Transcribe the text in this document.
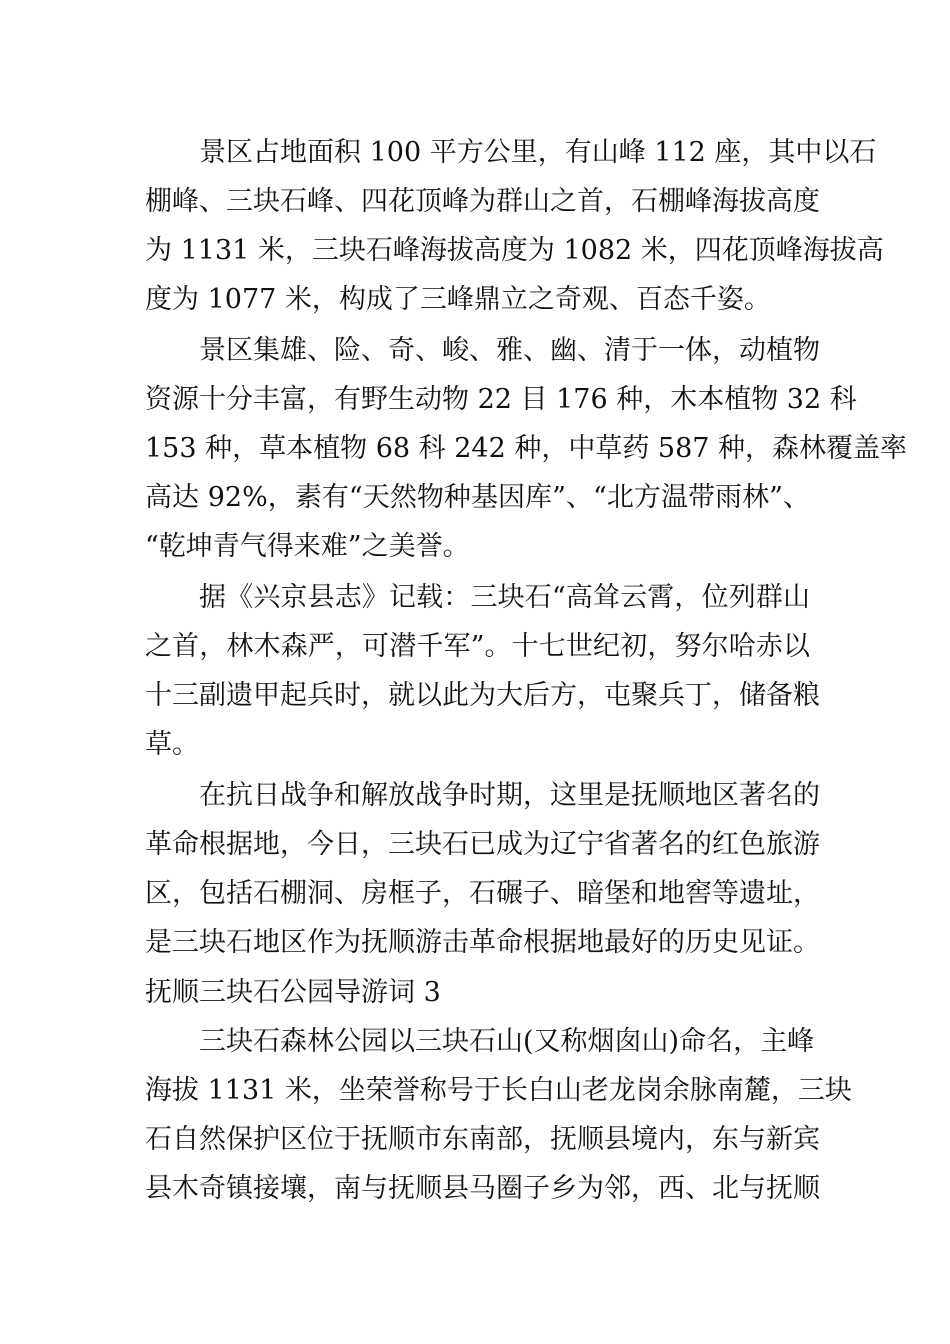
景区占地面积 100 平方公里，有山峰 112 座，其中以石
棚峰、三块石峰、四花顶峰为群山之首，石棚峰海拔高度
为 1131 米，三块石峰海拔高度为 1082 米，四花顶峰海拔高
度为 1077 米，构成了三峰鼎立之奇观、百态千姿。
景区集雄、险、奇、峻、雅、幽、清于一体，动植物
资源十分丰富，有野生动物 22 目 176 种，木本植物 32 科
153 种，草本植物 68 科 242 种，中草药 587 种，森林覆盖率
高达 92%，素有“天然物种基因库”、“北方温带雨林”、
“乾坤青气得来难”之美誉。
据《兴京县志》记载：三块石“高耸云霄，位列群山
之首，林木森严，可潜千军”。十七世纪初，努尔哈赤以
十三副遗甲起兵时，就以此为大后方，屯聚兵丁，储备粮
草。
在抗日战争和解放战争时期，这里是抚顺地区著名的
革命根据地，今日，三块石已成为辽宁省著名的红色旅游
区，包括石棚洞、房框子，石碾子、暗堡和地窖等遗址，
是三块石地区作为抚顺游击革命根据地最好的历史见证。
抚顺三块石公园导游词 3
三块石森林公园以三块石山(又称烟囱山)命名，主峰
海拔 1131 米，坐荣誉称号于长白山老龙岗余脉南麓，三块
石自然保护区位于抚顺市东南部，抚顺县境内，东与新宾
县木奇镇接壤，南与抚顺县马圈子乡为邻，西、北与抚顺
